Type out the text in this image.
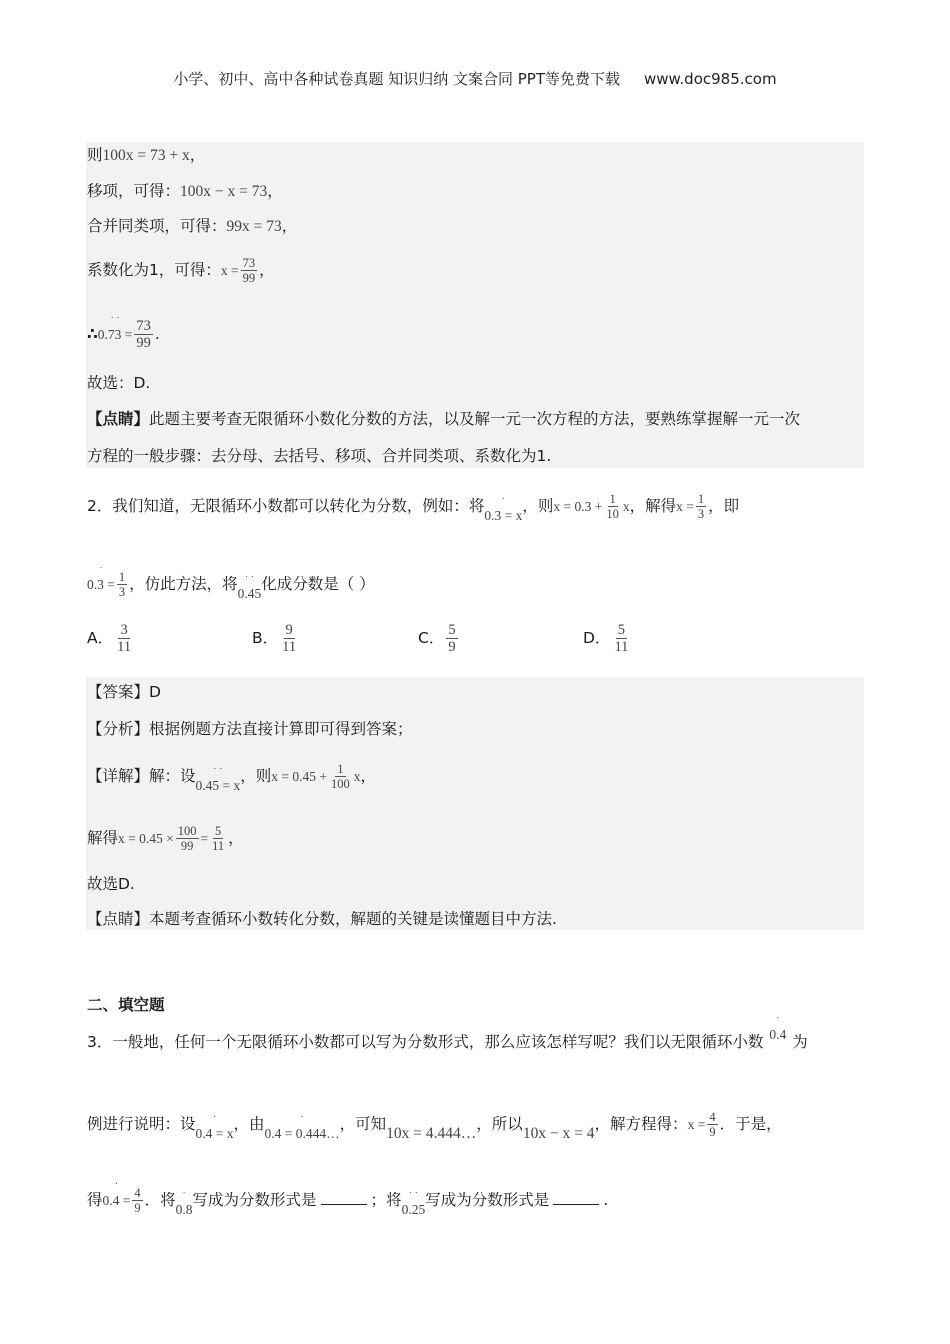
小学、初中、高中各种试卷真题 知识归纳 文案合同 PPT等免费下载 www.doc985.com
则100x = 73 + x，
移项，可得：100x − x = 73，
合并同类项，可得：99x = 73，
系数化为1，可得：$x = \frac{73}{99}$ ，
∴
˙ ˙
$0.73 = \frac{73}{99}$ .
故选：D.
【点睛】此题主要考查无限循环小数化分数的方法，以及解一元一次方程的方法，要熟练掌握解一元一次
方程的一般步骤：去分母、去括号、移项、合并同类项、系数化为1.
2．我们知道，无限循环小数都可以转化为分数，例如：将	˙
0.3 = x，则$x = 0.3 + \frac{1}{10}$ x，解得$x = \frac{1}{3}$ ，即
˙
$0.3 = \frac{1}{3}$ ，仿此方法，将 ˙ ˙
0.45化成分数是（ ）
A． $\frac{3}{11}$	B． $\frac{9}{11}$	C． $\frac{5}{9}$	D． $\frac{5}{11}$
【答案】D
【分析】根据例题方法直接计算即可得到答案；
【详解】解：设	˙ ˙
0.45 = x，则$x = 0.45 + \frac{1}{100}$ x，
解得$x = 0.45 \times \frac{100}{99} = \frac{5}{11}$ ，
故选D.
【点睛】本题考查循环小数转化分数，解题的关键是读懂题目中方法.
二、填空题
3．一般地，任何一个无限循环小数都可以写为分数形式，那么应该怎样写呢？我们以无限循环小数
˙
0.4 为
例进行说明：设	˙
0.4 = x，由	˙
0.4 = 0.444…，可知10x = 4.444…，所以10x − x = 4，解方程得：$x = \frac{4}{9}$ ．于是，
得
˙
$0.4 = \frac{4}{9}$ ．将 ˙
0.8写成为分数形式是	；将 ˙ ˙
0.25写成为分数形式是	.
